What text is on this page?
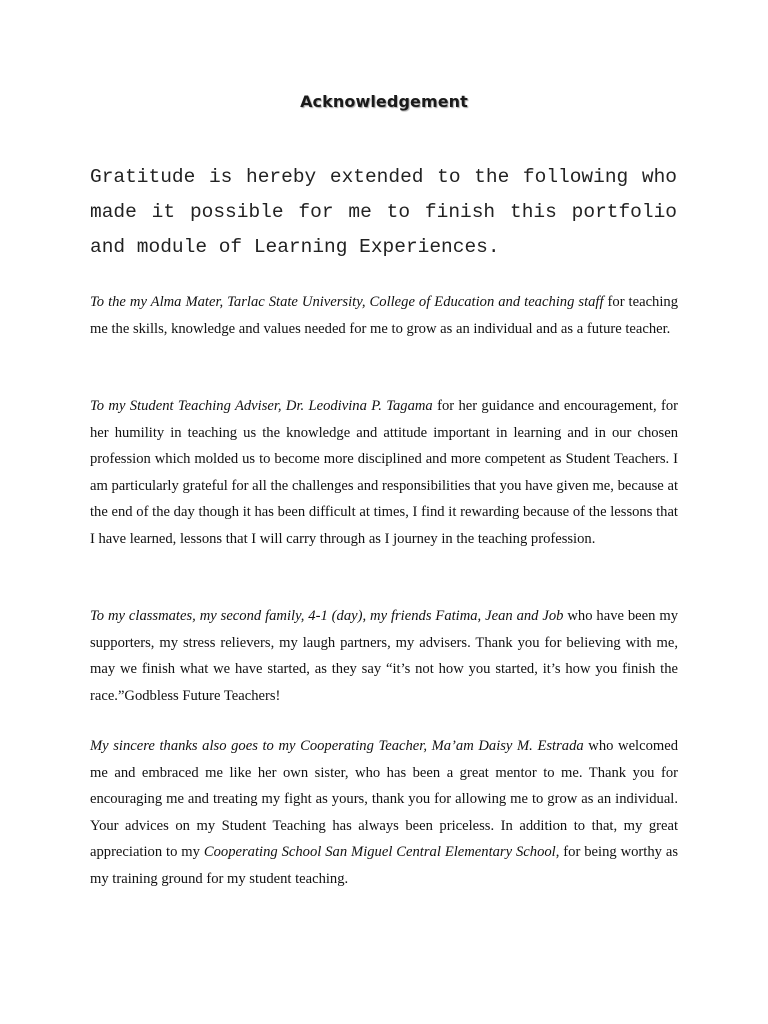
Acknowledgement

Gratitude is hereby extended to the following who made it possible for me to finish this portfolio and module of Learning Experiences.

To the my Alma Mater, Tarlac State University, College of Education and teaching staff for teaching me the skills, knowledge and values needed for me to grow as an individual and as a future teacher.

To my Student Teaching Adviser, Dr. Leodivina P. Tagama for her guidance and encouragement, for her humility in teaching us the knowledge and attitude important in learning and in our chosen profession which molded us to become more disciplined and more competent as Student Teachers. I am particularly grateful for all the challenges and responsibilities that you have given me, because at the end of the day though it has been difficult at times, I find it rewarding because of the lessons that I have learned, lessons that I will carry through as I journey in the teaching profession.

To my classmates, my second family, 4-1 (day), my friends Fatima, Jean and Job who have been my supporters, my stress relievers, my laugh partners, my advisers. Thank you for believing with me, may we finish what we have started, as they say “it’s not how you started, it’s how you finish the race.”Godbless Future Teachers!

My sincere thanks also goes to my Cooperating Teacher, Ma’am Daisy M. Estrada who welcomed me and embraced me like her own sister, who has been a great mentor to me. Thank you for encouraging me and treating my fight as yours, thank you for allowing me to grow as an individual. Your advices on my Student Teaching has always been priceless. In addition to that, my great appreciation to my Cooperating School San Miguel Central Elementary School, for being worthy as my training ground for my student teaching.
